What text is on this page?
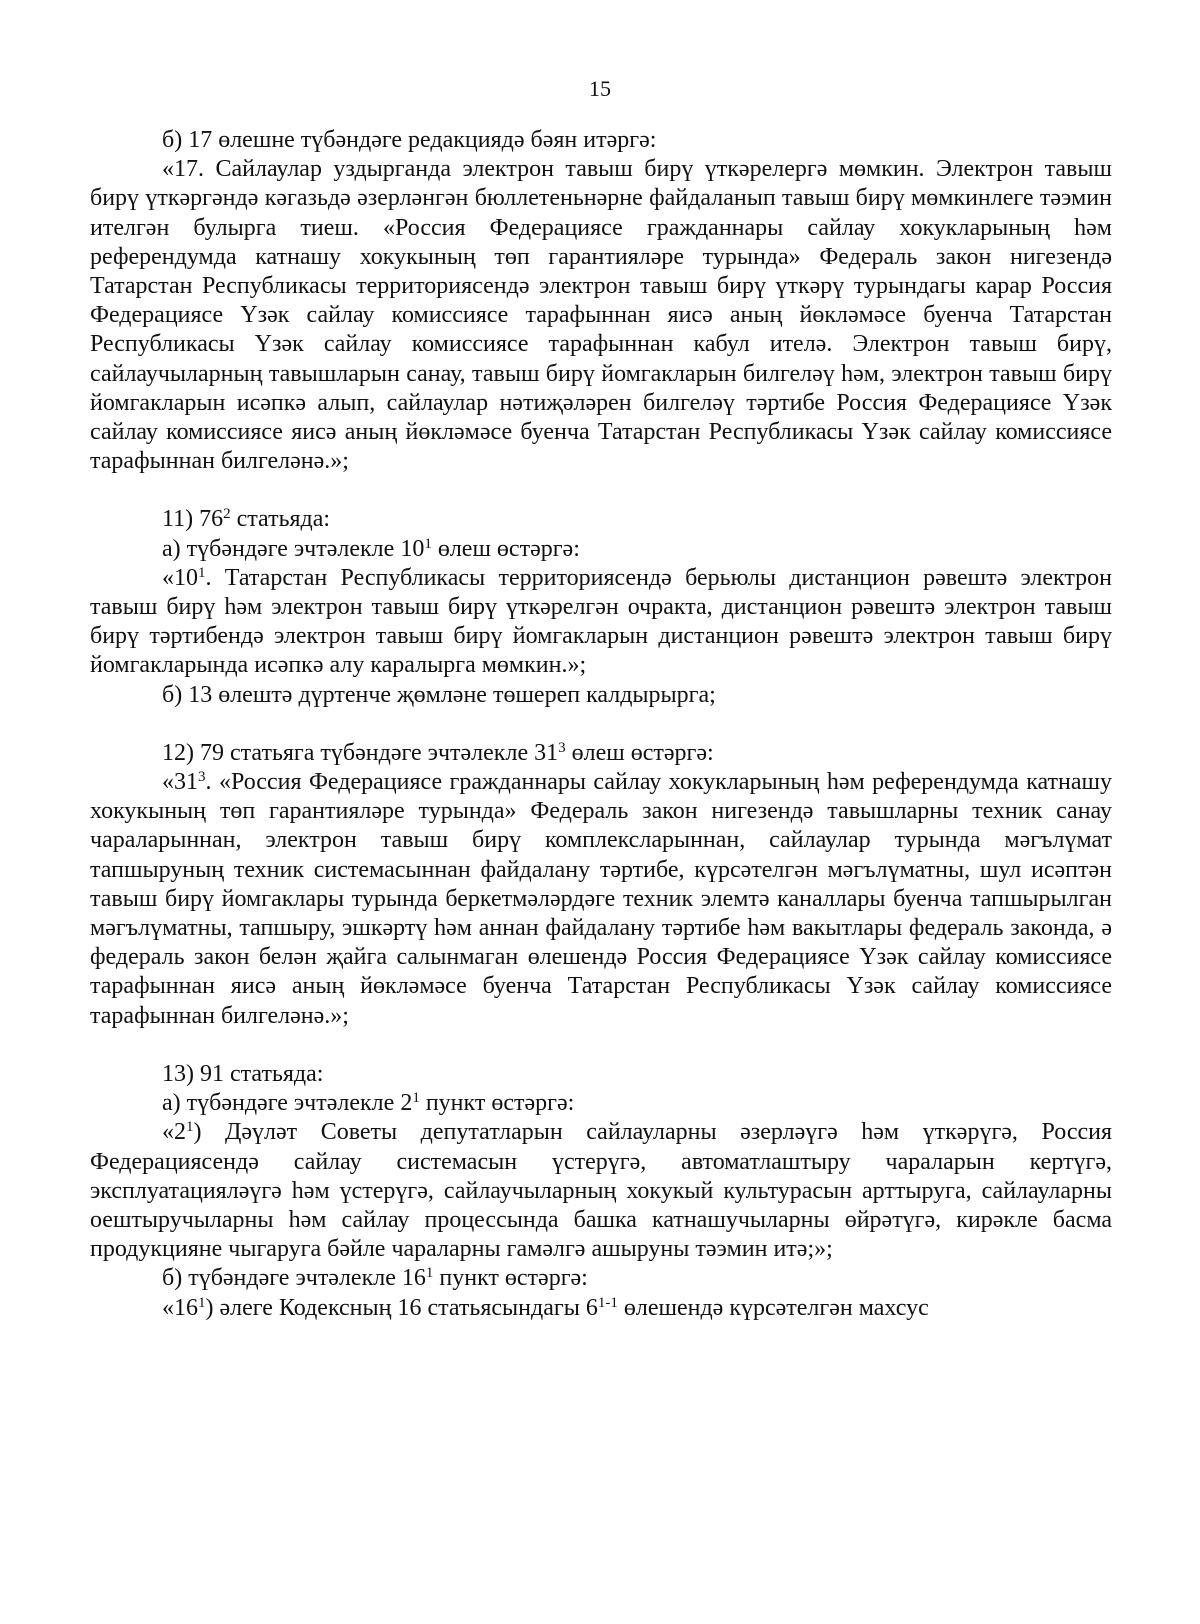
15

б) 17 өлешне түбәндәге редакциядә бәян итәргә:

«17. Сайлаулар уздырганда электрон тавыш бирү үткәрелергә мөмкин. Электрон тавыш бирү үткәргәндә кәгазьдә әзерләнгән бюллетеньнәрне файдаланып тавыш бирү мөмкинлеге тәэмин ителгән булырга тиеш. «Россия Федерациясе гражданнары сайлау хокукларының һәм референдумда катнашу хокукының төп гарантияләре турында» Федераль закон нигезендә Татарстан Республикасы территориясендә электрон тавыш бирү үткәрү турындагы карар Россия Федерациясе Үзәк сайлау комиссиясе тарафыннан яисә аның йөкләмәсе буенча Татарстан Республикасы Үзәк сайлау комиссиясе тарафыннан кабул ителә. Электрон тавыш бирү, сайлаучыларның тавышларын санау, тавыш бирү йомгакларын билгеләү һәм, электрон тавыш бирү йомгакларын исәпкә алып, сайлаулар нәтиҗәләрен билгеләү тәртибе Россия Федерациясе Үзәк сайлау комиссиясе яисә аның йөкләмәсе буенча Татарстан Республикасы Үзәк сайлау комиссиясе тарафыннан билгеләнә.»;

11) $76^2$ статьяда:

а) түбәндәге эчтәлекле $10^1$ өлеш өстәргә:

«$10^1$. Татарстан Республикасы территориясендә берьюлы дистанцион рәвештә электрон тавыш бирү һәм электрон тавыш бирү үткәрелгән очракта, дистанцион рәвештә электрон тавыш бирү тәртибендә электрон тавыш бирү йомгакларын дистанцион рәвештә электрон тавыш бирү йомгакларында исәпкә алу каралырга мөмкин.»;

б) 13 өлештә дүртенче җөмләне төшереп калдырырга;

12) 79 статьяга түбәндәге эчтәлекле $31^3$ өлеш өстәргә:

«$31^3$. «Россия Федерациясе гражданнары сайлау хокукларының һәм референдумда катнашу хокукының төп гарантияләре турында» Федераль закон нигезендә тавышларны техник санау чараларыннан, электрон тавыш бирү комплексларыннан, сайлаулар турында мәгълүмат тапшыруның техник системасыннан файдалану тәртибе, күрсәтелгән мәгълүматны, шул исәптән тавыш бирү йомгаклары турында беркетмәләрдәге техник элемтә каналлары буенча тапшырылган мәгълүматны, тапшыру, эшкәртү һәм аннан файдалану тәртибе һәм вакытлары федераль законда, ә федераль закон белән җайга салынмаган өлешендә Россия Федерациясе Үзәк сайлау комиссиясе тарафыннан яисә аның йөкләмәсе буенча Татарстан Республикасы Үзәк сайлау комиссиясе тарафыннан билгеләнә.»;

13) 91 статьяда:

а) түбәндәге эчтәлекле $2^1$ пункт өстәргә:

«$2^1$) Дәүләт Советы депутатларын сайлауларны әзерләүгә һәм үткәрүгә, Россия Федерациясендә сайлау системасын үстерүгә, автоматлаштыру чараларын кертүгә, эксплуатацияләүгә һәм үстерүгә, сайлаучыларның хокукый культурасын арттыруга, сайлауларны оештыручыларны һәм сайлау процессында башка катнашучыларны өйрәтүгә, кирәкле басма продукцияне чыгаруга бәйле чараларны гамәлгә ашыруны тәэмин итә;»;

б) түбәндәге эчтәлекле $16^1$ пункт өстәргә:

«$16^1$) әлеге Кодексның 16 статьясындагы 6$^{1-1}$ өлешендә күрсәтелгән махсус
